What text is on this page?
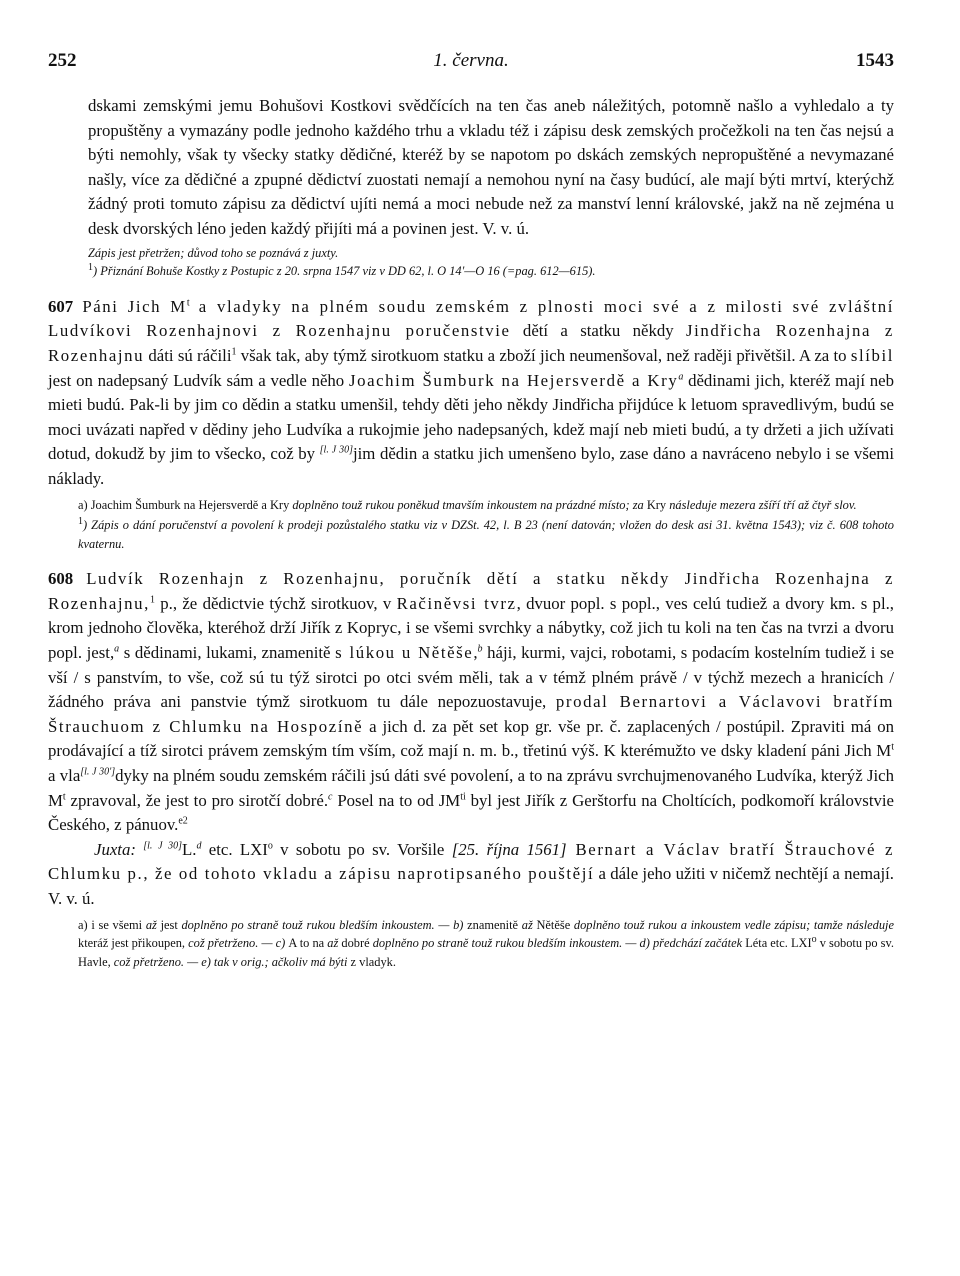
252	1. června.	1543

dskami zemskými jemu Bohušovi Kostkovi svědčících na ten čas aneb náležitých, potomně našlo a vyhledalo a ty propuštěny a vymazány podle jednoho každého trhu a vkladu též i zápisu desk zemských pročežkoli na ten čas nejsú a býti nemohly, však ty všecky statky dědičné, kteréž by se napotom po dskách zemských nepropuštěné a nevymazané našly, více za dědičné a zpupné dědictví zuostati nemají a nemohou nyní na časy budúcí, ale mají býti mrtví, kterýchž žádný proti tomuto zápisu za dědictví ujíti nemá a moci nebude než za manství lenní královské, jakž na ně zejména u desk dvorských léno jeden každý přijíti má a povinen jest. V. v. ú.

Zápis jest přetržen; důvod toho se poznává z juxty.

$^1$) Přiznání Bohuše Kostky z Postupic z 20. srpna 1547 viz v DD 62, l. O 14'—O 16 (=pag. 612—615).

607 Páni Jich $M^t$ a vladyky na plném soudu zemském z plnosti moci své a z milosti své zvláštní Ludvíkovi Rozenhajnovi z Rozenhajnu poručenstvie dětí a statku někdy Jindřicha Rozenhajna z Rozenhajnu dáti sú ráčili$^1$ však tak, aby týmž sirotkuom statku a zboží jich neumenšoval, než raději přivětšil. A za to slíbil jest on nadepsaný Ludvík sám a vedle něho Joachim Šumburk na Hejersverdě a Kry$^a$ dědinami jich, kteréž mají neb mieti budú. Pak-li by jim co dědin a statku umenšil, tehdy děti jeho někdy Jindřicha přijdúce k letuom spravedlivým, budú se moci uvázati napřed v dědiny jeho Ludvíka a rukojmie jeho nadepsaných, kdež mají neb mieti budú, a ty držeti a jich užívati dotud, dokudž by jim to všecko, což by [l. J 30]jim dědin a statku jich umenšeno bylo, zase dáno a navráceno nebylo i se všemi náklady.

a) Joachim Šumburk na Hejersverdě a Kry doplněno touž rukou poněkud tmavším inkoustem na prázdné místo; za Kry následuje mezera zšíří tří až čtyř slov.

$^1$) Zápis o dání poručenství a povolení k prodeji pozůstalého statku viz v DZSt. 42, l. B 23 (není datován; vložen do desk asi 31. května 1543); viz č. 608 tohoto kvaternu.

608 Ludvík Rozenhajn z Rozenhajnu, poručník dětí a statku někdy Jindřicha Rozenhajna z Rozenhajnu,$^1$ p., že dědictvie týchž sirotkuov, v Račiněvsi tvrz, dvuor popl. s popl., ves celú tudiež a dvory km. s pl., krom jednoho člověka, kteréhož drží Jiřík z Kopryc, i se všemi svrchky a nábytky, což jich tu koli na ten čas na tvrzi a dvoru popl. jest,$^a$ s dědinami, lukami, znamenitě s lúkou u Nětěše,$^b$ háji, kurmi, vajci, robotami, s podacím kostelním tudiež i se vší / s panstvím, to vše, což sú tu týž sirotci po otci svém měli, tak a v témž plném právě / v týchž mezech a hranicích / žádného práva ani panstvie týmž sirotkuom tu dále nepozuostavuje, prodal Bernartovi a Václavovi bratřím Štrauchuom z Chlumku na Hospozíně a jich d. za pět set kop gr. vše pr. č. zaplacených / postúpil. Zpraviti má on prodávající a tíž sirotci právem zemským tím vším, což mají n. m. b., třetinú výš. K kterémužto ve dsky kladení páni Jich $M^t$ a vla[l. J 30']dyky na plném soudu zemském ráčili jsú dáti své povolení, a to na zprávu svrchujmenovaného Ludvíka, kterýž Jich $M^t$ zpravoval, že jest to pro sirotčí dobré.$^c$ Posel na to od $JM^{ti}$ byl jest Jiřík z Gerštorfu na Choltících, podkomoří královstvie Českého, z pánuov.$^{e2}$

Juxta: [l. J 30]L.$^d$ etc. LXI$^o$ v sobotu po sv. Voršile [25. října 1561] Bernart a Václav bratří Štrauchové z Chlumku p., že od tohoto vkladu a zápisu naprotipsaného pouštějí a dále jeho užiti v ničemž nechtějí a nemají. V. v. ú.

a) i se všemi až jest doplněno po straně touž rukou bledším inkoustem. — b) znamenitě až Nětěše doplněno touž rukou a inkoustem vedle zápisu; tamže následuje kteráž jest přikoupen, což přetrženo. — c) A to na až dobré doplněno po straně touž rukou bledším inkoustem. — d) předchází začátek Léta etc. LXI$^o$ v sobotu po sv. Havle, což přetrženo. — e) tak v orig.; ačkoliv má býti z vladyk.
